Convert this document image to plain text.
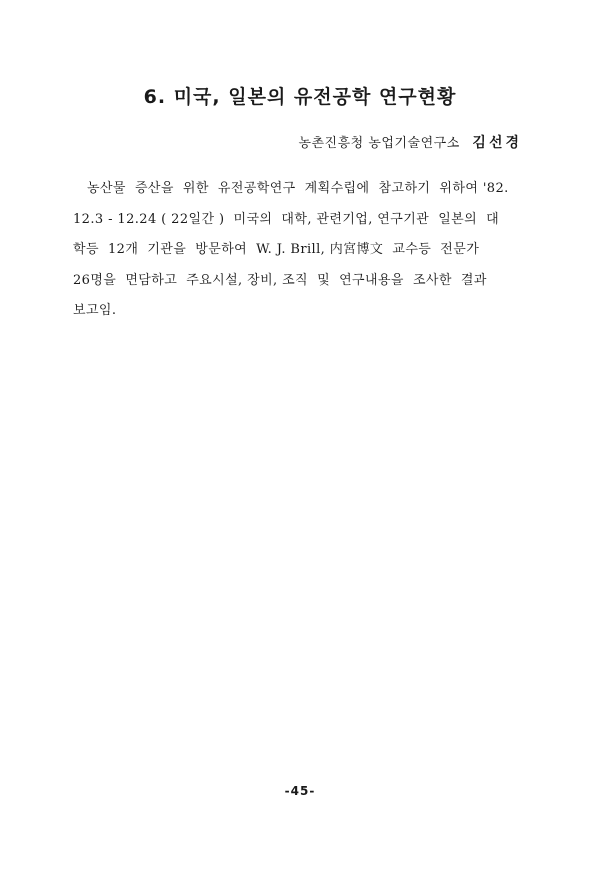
6. 미국, 일본의 유전공학 연구현황
농촌진흥청 농업기술연구소 김선경
농산물  증산을  위한  유전공학연구  계획수립에  참고하기  위하여 '82.
12.3 - 12.24 ( 22일간 )  미국의  대학, 관련기업, 연구기관  일본의  대
학등  12개  기관을  방문하여  W. J. Brill, 内宮博文  교수등  전문가
26명을  면담하고  주요시설, 장비, 조직  및  연구내용을  조사한  결과
보고임.
-45-
